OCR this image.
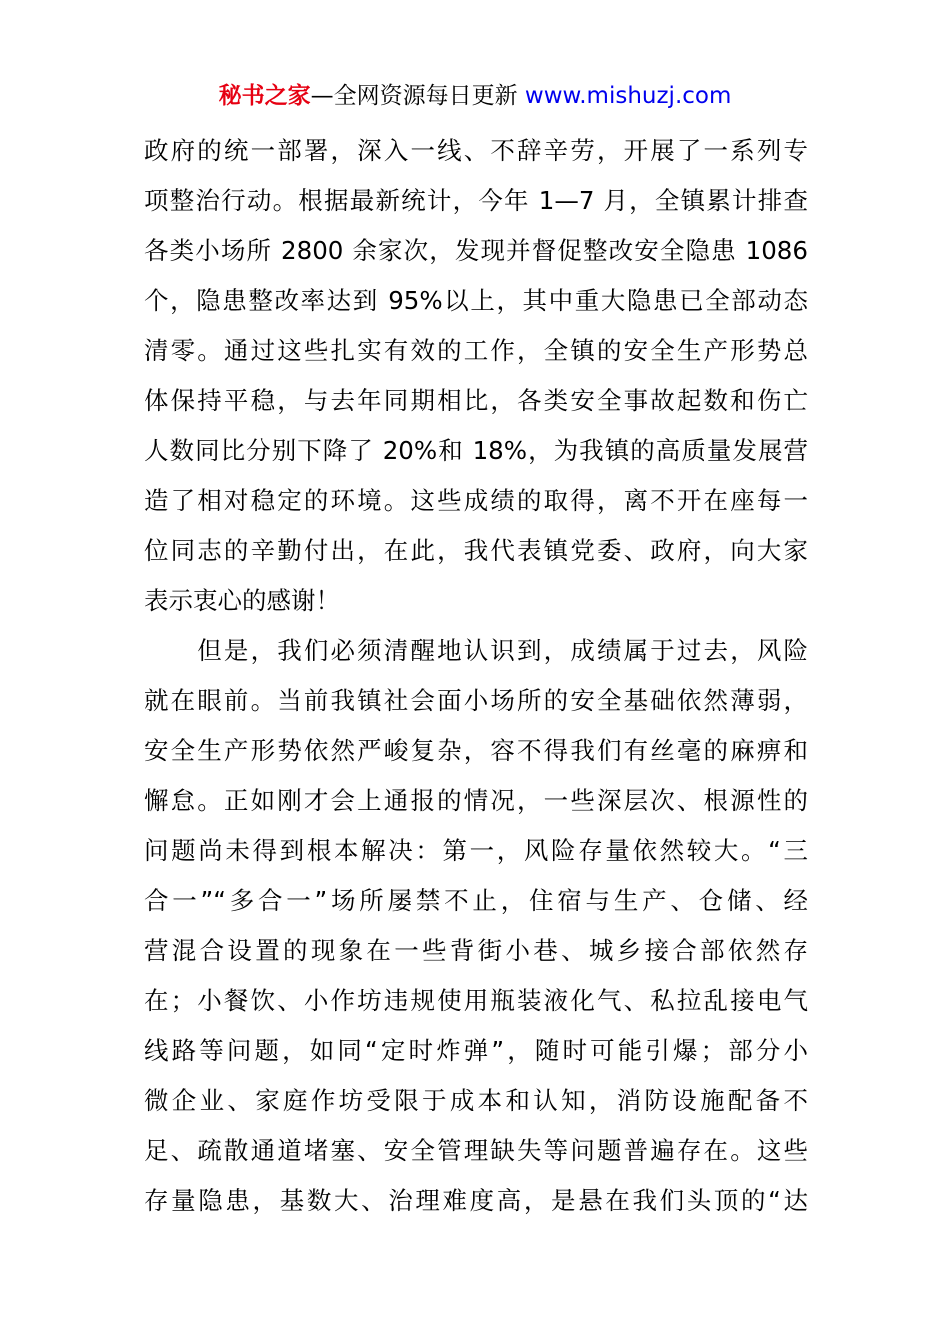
秘书之家—全网资源每日更新 www.mishuzj.com
政府的统一部署，深入一线、不辞辛劳，开展了一系列专
项整治行动。根据最新统计，今年 1—7 月，全镇累计排查
各类小场所 2800 余家次，发现并督促整改安全隐患 1086
个，隐患整改率达到 95%以上，其中重大隐患已全部动态
清零。通过这些扎实有效的工作，全镇的安全生产形势总
体保持平稳，与去年同期相比，各类安全事故起数和伤亡
人数同比分别下降了 20%和 18%，为我镇的高质量发展营
造了相对稳定的环境。这些成绩的取得，离不开在座每一
位同志的辛勤付出，在此，我代表镇党委、政府，向大家
表示衷心的感谢！
　　但是，我们必须清醒地认识到，成绩属于过去，风险
就在眼前。当前我镇社会面小场所的安全基础依然薄弱，
安全生产形势依然严峻复杂，容不得我们有丝毫的麻痹和
懈怠。正如刚才会上通报的情况，一些深层次、根源性的
问题尚未得到根本解决：第一，风险存量依然较大。“三
合一”“多合一”场所屡禁不止，住宿与生产、仓储、经
营混合设置的现象在一些背街小巷、城乡接合部依然存
在；小餐饮、小作坊违规使用瓶装液化气、私拉乱接电气
线路等问题，如同“定时炸弹”，随时可能引爆；部分小
微企业、家庭作坊受限于成本和认知，消防设施配备不
足、疏散通道堵塞、安全管理缺失等问题普遍存在。这些
存量隐患，基数大、治理难度高，是悬在我们头顶的“达
